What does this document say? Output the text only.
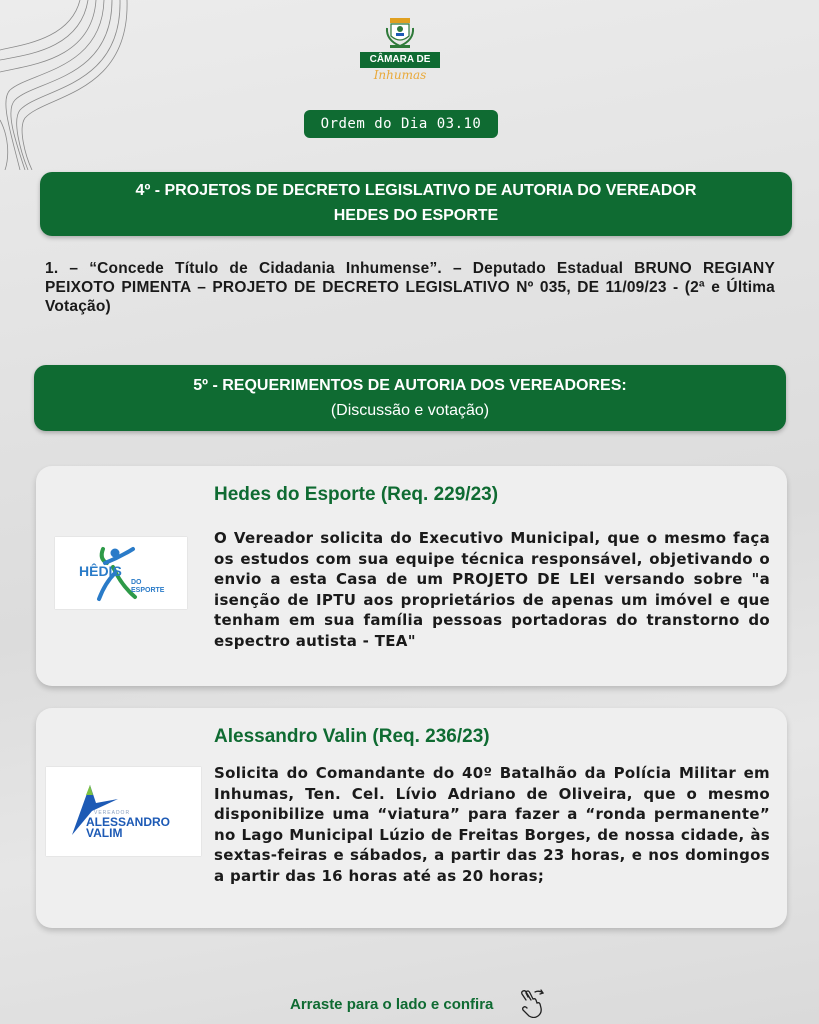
CÂMARA DE
Inhumas
Ordem do Dia 03.10
4º - PROJETOS DE DECRETO LEGISLATIVO DE AUTORIA DO VEREADOR
HEDES DO ESPORTE
1. – “Concede Título de Cidadania Inhumense”. – Deputado Estadual BRUNO REGIANY PEIXOTO PIMENTA – PROJETO DE DECRETO LEGISLATIVO Nº 035, DE 11/09/23 - (2ª e Última Votação)
5º - REQUERIMENTOS DE AUTORIA DOS VEREADORES:
(Discussão e votação)
HÊDIS
DO
ESPORTE
Hedes do Esporte (Req. 229/23)
O Vereador solicita do Executivo Municipal, que o mesmo faça os estudos com sua equipe técnica responsável, objetivando o envio a esta Casa de um PROJETO DE LEI versando sobre "a isenção de IPTU aos proprietários de apenas um imóvel e que tenham em sua família pessoas portadoras do transtorno do espectro autista - TEA"
VEREADOR
ALESSANDRO
VALIM
Alessandro Valin (Req. 236/23)
Solicita do Comandante do 40º Batalhão da Polícia Militar em Inhumas, Ten. Cel. Lívio Adriano de Oliveira, que o mesmo disponibilize uma “viatura” para fazer a “ronda permanente” no Lago Municipal Lúzio de Freitas Borges, de nossa cidade, às sextas-feiras e sábados, a partir das 23 horas, e nos domingos a partir das 16 horas até as 20 horas;
Arraste para o lado e confira
